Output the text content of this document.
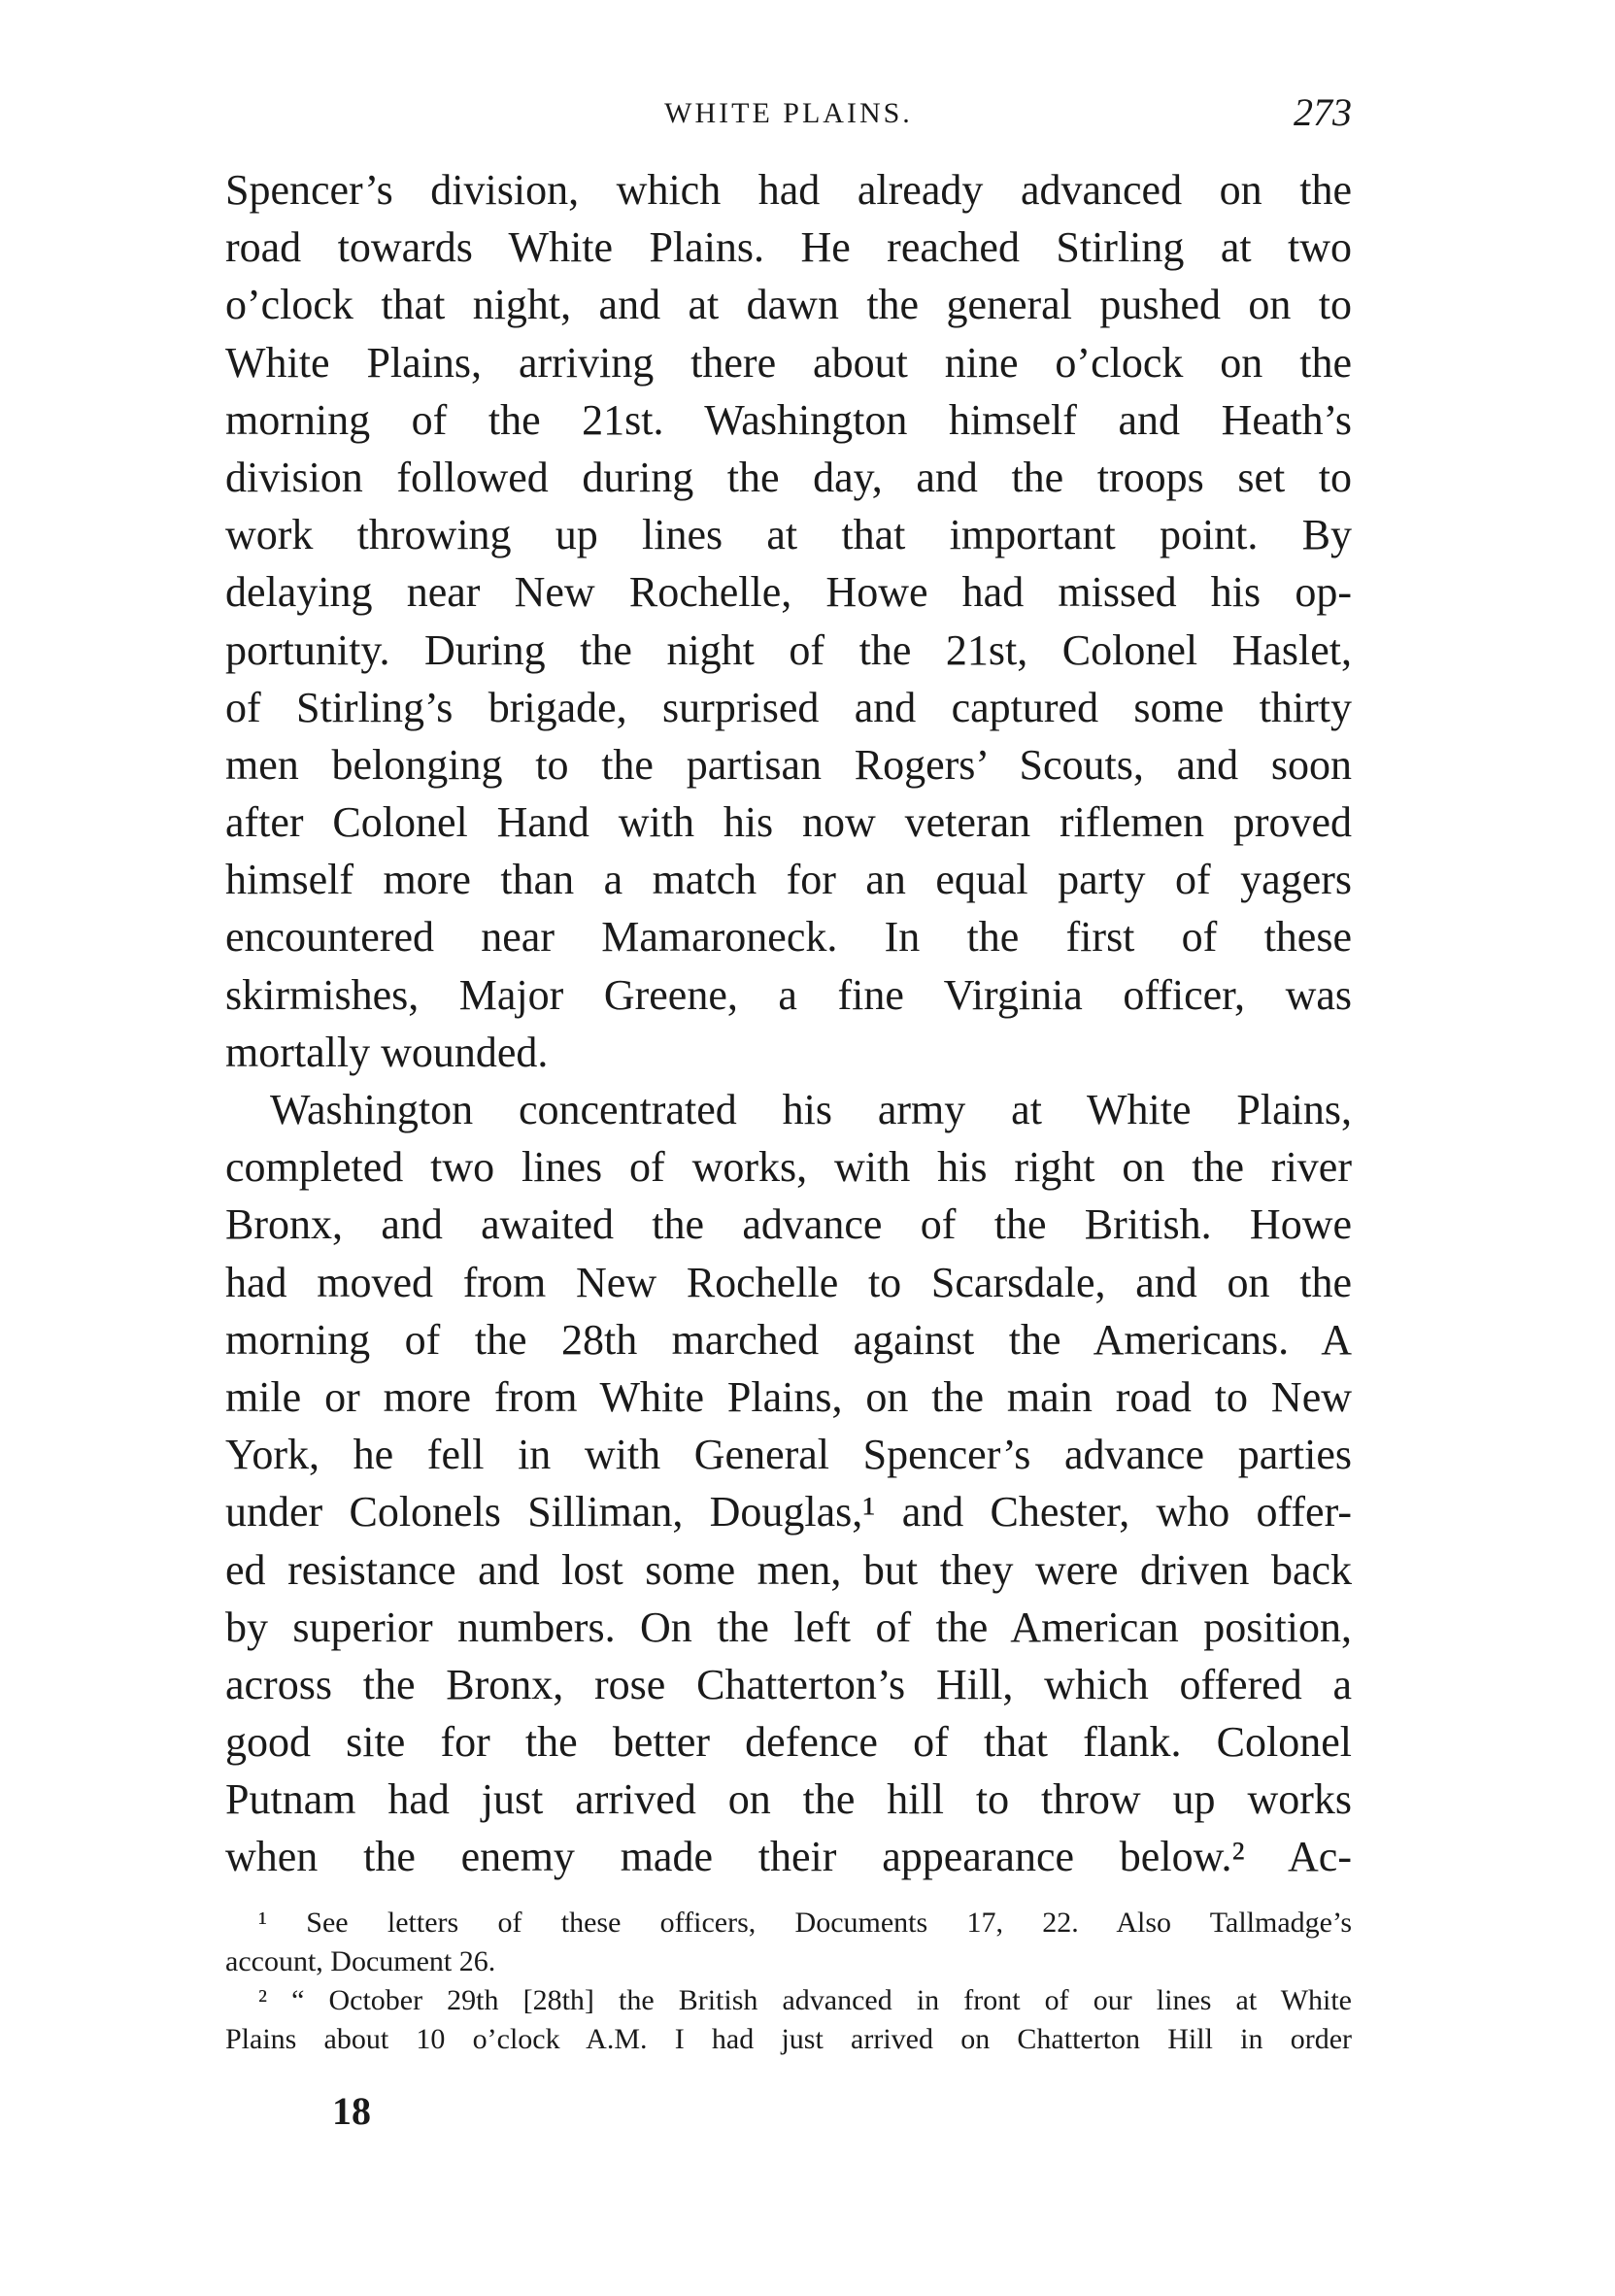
WHITE PLAINS.	273
Spencer’s division, which had already advanced on the
road towards White Plains. He reached Stirling at two
o’clock that night, and at dawn the general pushed on to
White Plains, arriving there about nine o’clock on the
morning of the 21st. Washington himself and Heath’s
division followed during the day, and the troops set to
work throwing up lines at that important point. By
delaying near New Rochelle, Howe had missed his op-
portunity. During the night of the 21st, Colonel Haslet,
of Stirling’s brigade, surprised and captured some thirty
men belonging to the partisan Rogers’ Scouts, and soon
after Colonel Hand with his now veteran riflemen proved
himself more than a match for an equal party of yagers
encountered near Mamaroneck. In the first of these
skirmishes, Major Greene, a fine Virginia officer, was
mortally wounded.
Washington concentrated his army at White Plains,
completed two lines of works, with his right on the river
Bronx, and awaited the advance of the British. Howe
had moved from New Rochelle to Scarsdale, and on the
morning of the 28th marched against the Americans. A
mile or more from White Plains, on the main road to New
York, he fell in with General Spencer’s advance parties
under Colonels Silliman, Douglas,¹ and Chester, who offer-
ed resistance and lost some men, but they were driven back
by superior numbers. On the left of the American position,
across the Bronx, rose Chatterton’s Hill, which offered a
good site for the better defence of that flank. Colonel
Putnam had just arrived on the hill to throw up works
when the enemy made their appearance below.² Ac-
¹ See letters of these officers, Documents 17, 22. Also Tallmadge’s
account, Document 26.
² “ October 29th [28th] the British advanced in front of our lines at White
Plains about 10 o’clock A.M. I had just arrived on Chatterton Hill in order
18
